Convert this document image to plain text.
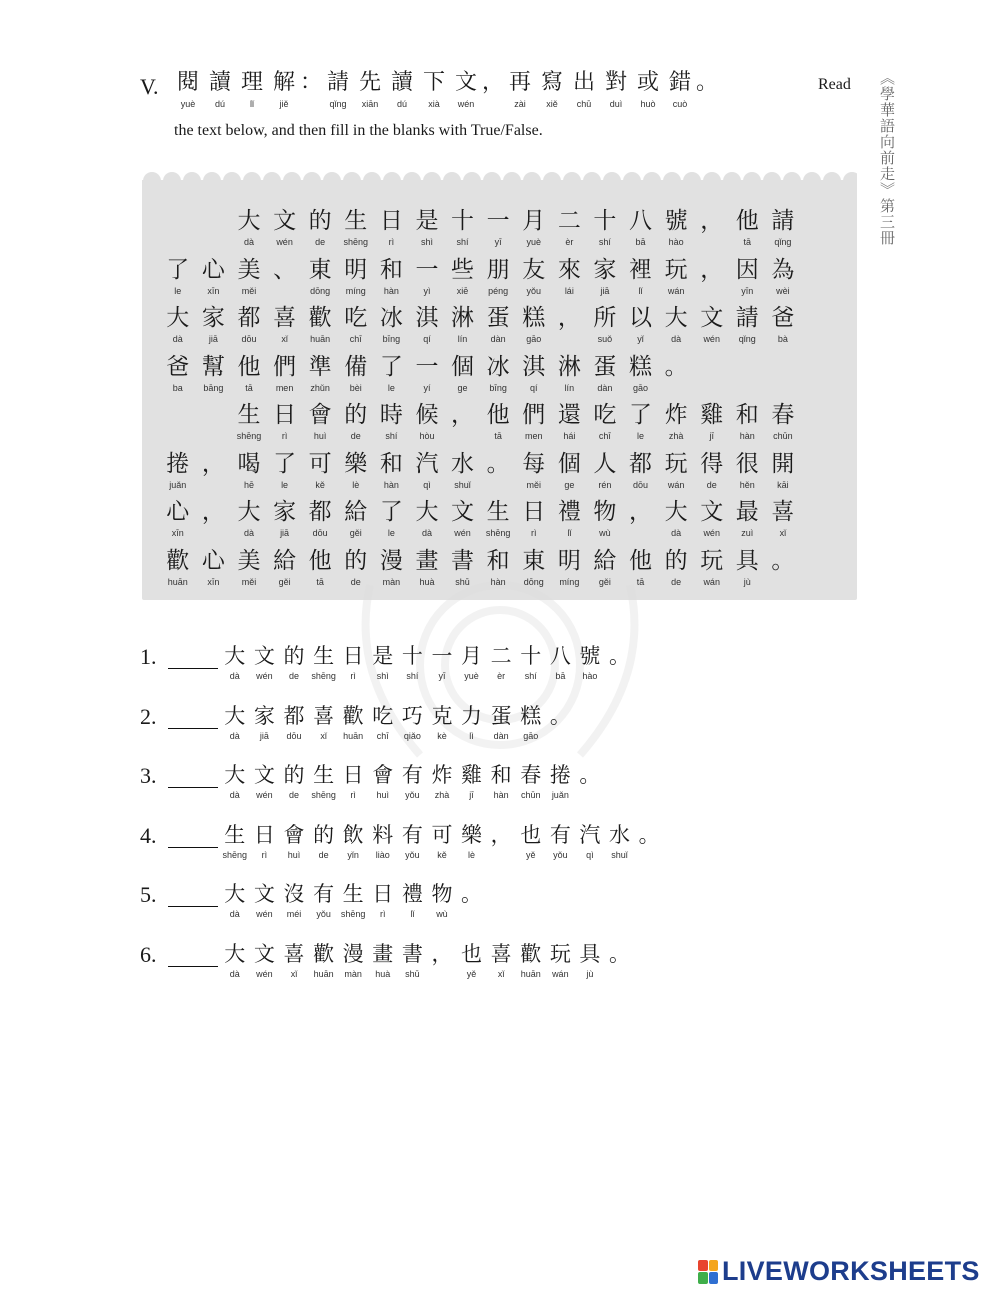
V. 閱
yuè
讀
dú
理
lǐ
解
jiě
： 請
qǐng
先
xiān
讀
dú
下
xià
文
wén
， 再
zài
寫
xiě
出
chū
對
duì
或
huò
錯
cuò
。	Read
the text below, and then fill in the blanks with True/False.	《學華語向前走》第三冊

大
dà
文
wén
的
de
生
shēng
日
rì
是
shì
十
shí
一
yī
月
yuè
二
èr
十
shí
八
bā
號
hào
， 他
tā
請
qǐng
了
le
心
xīn
美
měi
、 東
dōng
明
míng
和
hàn
一
yì
些
xiē
朋
péng
友
yǒu
來
lái
家
jiā
裡
lǐ
玩
wán
， 因
yīn
為
wèi
大
dà
家
jiā
都
dōu
喜
xǐ
歡
huān
吃
chī
冰
bīng
淇
qí
淋
lín
蛋
dàn
糕
gāo
， 所
suǒ
以
yǐ
大
dà
文
wén
請
qǐng
爸
bà
爸
ba
幫
bāng
他
tā
們
men
準
zhǔn
備
bèi
了
le
一
yí
個
ge
冰
bīng
淇
qí
淋
lín
蛋
dàn
糕
gāo
。

生
shēng
日
rì
會
huì
的
de
時
shí
候
hòu
， 他
tā
們
men
還
hái
吃
chī
了
le
炸
zhà
雞
jī
和
hàn
春
chūn
捲
juǎn
， 喝
hē
了
le
可
kě
樂
lè
和
hàn
汽
qì
水
shuǐ
。 每
měi
個
ge
人
rén
都
dōu
玩
wán
得
de
很
hěn
開
kāi
心
xīn
， 大
dà
家
jiā
都
dōu
給
gěi
了
le
大
dà
文
wén
生
shēng
日
rì
禮
lǐ
物
wù
， 大
dà
文
wén
最
zuì
喜
xǐ
歡
huān
心
xīn
美
měi
給
gěi
他
tā
的
de
漫
màn
畫
huà
書
shū
和
hàn
東
dōng
明
míng
給
gěi
他
tā
的
de
玩
wán
具
jù
。
1.	大
dà
文
wén
的
de
生
shēng
日
rì
是
shì
十
shí
一
yī
月
yuè
二
èr
十
shí
八
bā
號
hào
。
2.	大
dà
家
jiā
都
dōu
喜
xǐ
歡
huān
吃
chī
巧
qiǎo
克
kè
力
lì
蛋
dàn
糕
gāo
。
3.	大
dà
文
wén
的
de
生
shēng
日
rì
會
huì
有
yǒu
炸
zhà
雞
jī
和
hàn
春
chūn
捲
juǎn
。
4.	生
shēng
日
rì
會
huì
的
de
飲
yǐn
料
liào
有
yǒu
可
kě
樂
lè
， 也
yě
有
yǒu
汽
qì
水
shuǐ
。
5.	大
dà
文
wén
沒
méi
有
yǒu
生
shēng
日
rì
禮
lǐ
物
wù
。
6.	大
dà
文
wén
喜
xǐ
歡
huān
漫
màn
畫
huà
書
shū
， 也
yě
喜
xǐ
歡
huān
玩
wán
具
jù
。
LIVEWORKSHEETS
